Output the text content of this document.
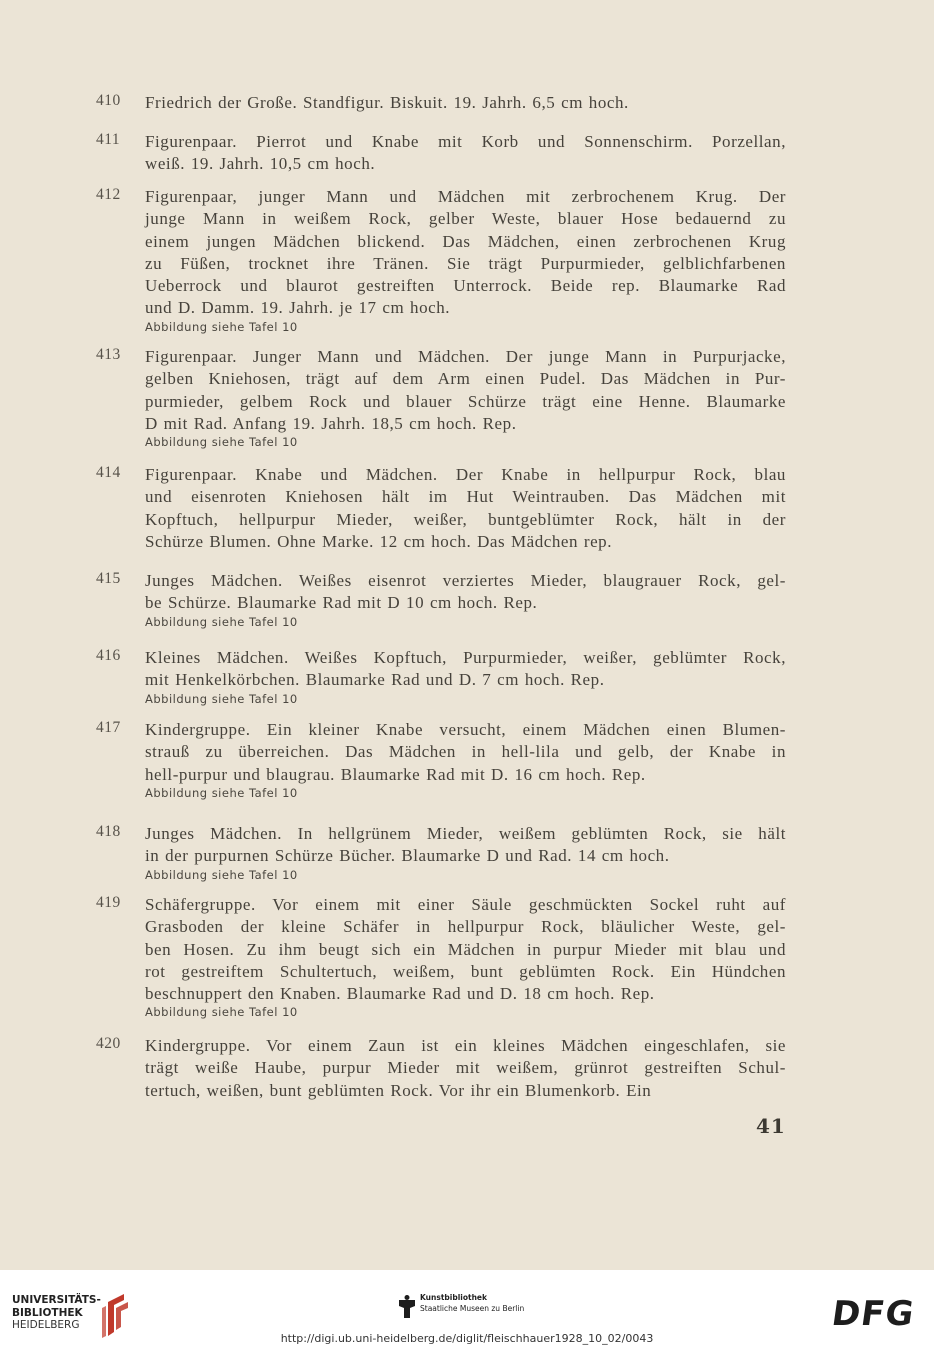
410	Friedrich der Große. Standfigur. Biskuit. 19. Jahrh. 6,5 cm hoch.
411	Figurenpaar. Pierrot und Knabe mit Korb und Sonnenschirm. Porzellan,
weiß. 19. Jahrh. 10,5 cm hoch.
412	Figurenpaar, junger Mann und Mädchen mit zerbrochenem Krug. Der
junge Mann in weißem Rock, gelber Weste, blauer Hose bedauernd zu
einem jungen Mädchen blickend. Das Mädchen, einen zerbrochenen Krug
zu Füßen, trocknet ihre Tränen. Sie trägt Purpurmieder, gelblichfarbenen
Ueberrock und blaurot gestreiften Unterrock. Beide rep. Blaumarke Rad
und D. Damm. 19. Jahrh. je 17 cm hoch.
Abbildung siehe Tafel 10
413	Figurenpaar. Junger Mann und Mädchen. Der junge Mann in Purpurjacke,
gelben Kniehosen, trägt auf dem Arm einen Pudel. Das Mädchen in Pur-
purmieder, gelbem Rock und blauer Schürze trägt eine Henne. Blaumarke
D mit Rad. Anfang 19. Jahrh. 18,5 cm hoch. Rep.
Abbildung siehe Tafel 10
414	Figurenpaar. Knabe und Mädchen. Der Knabe in hellpurpur Rock, blau
und eisenroten Kniehosen hält im Hut Weintrauben. Das Mädchen mit
Kopftuch, hellpurpur Mieder, weißer, buntgeblümter Rock, hält in der
Schürze Blumen. Ohne Marke. 12 cm hoch. Das Mädchen rep.
415	Junges Mädchen. Weißes eisenrot verziertes Mieder, blaugrauer Rock, gel-
be Schürze. Blaumarke Rad mit D 10 cm hoch. Rep.
Abbildung siehe Tafel 10
416	Kleines Mädchen. Weißes Kopftuch, Purpurmieder, weißer, geblümter Rock,
mit Henkelkörbchen. Blaumarke Rad und D. 7 cm hoch. Rep.
Abbildung siehe Tafel 10
417	Kindergruppe. Ein kleiner Knabe versucht, einem Mädchen einen Blumen-
strauß zu überreichen. Das Mädchen in hell-lila und gelb, der Knabe in
hell-purpur und blaugrau. Blaumarke Rad mit D. 16 cm hoch. Rep.
Abbildung siehe Tafel 10
418	Junges Mädchen. In hellgrünem Mieder, weißem geblümten Rock, sie hält
in der purpurnen Schürze Bücher. Blaumarke D und Rad. 14 cm hoch.
Abbildung siehe Tafel 10
419	Schäfergruppe. Vor einem mit einer Säule geschmückten Sockel ruht auf
Grasboden der kleine Schäfer in hellpurpur Rock, bläulicher Weste, gel-
ben Hosen. Zu ihm beugt sich ein Mädchen in purpur Mieder mit blau und
rot gestreiftem Schultertuch, weißem, bunt geblümten Rock. Ein Hündchen
beschnuppert den Knaben. Blaumarke Rad und D. 18 cm hoch. Rep.
Abbildung siehe Tafel 10
420	Kindergruppe. Vor einem Zaun ist ein kleines Mädchen eingeschlafen, sie
trägt weiße Haube, purpur Mieder mit weißem, grünrot gestreiften Schul-
tertuch, weißen, bunt geblümten Rock. Vor ihr ein Blumenkorb. Ein
41
UNIVERSITÄTS-
BIBLIOTHEK
HEIDELBERG
Kunstbibliothek
Staatliche Museen zu Berlin	DFG
http://digi.ub.uni-heidelberg.de/diglit/fleischhauer1928_10_02/0043
